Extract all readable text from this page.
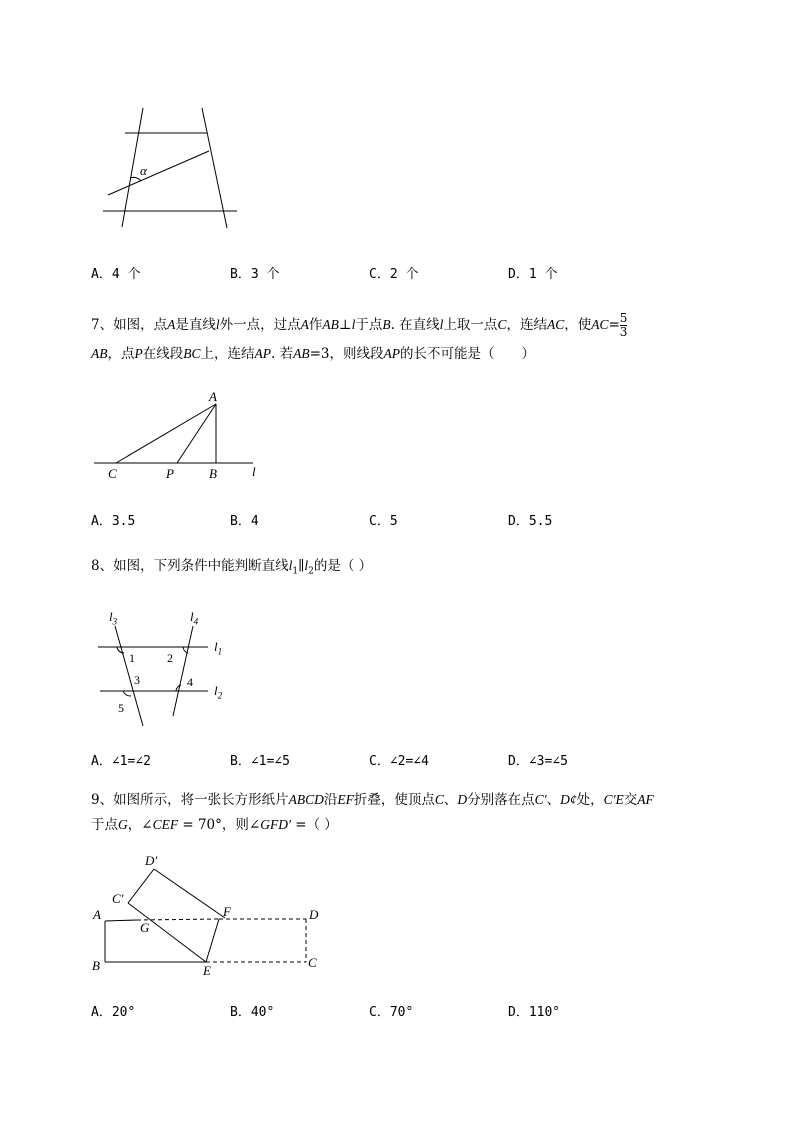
α
A．4 个	B．3 个	C．2 个	D．1 个
7、如图，点A是直线l外一点，过点A作AB⊥l于点B. 在直线l上取一点C，连结AC，使$AC= \frac{5}{3}$
AB，点P在线段BC上，连结AP. 若AB=3，则线段AP的长不可能是（　　）
A
C	P	B	l
A．3.5	B．4	C．5	D．5.5
8、如图，下列条件中能判断直线$l_1\parallel l_2$的是（ ）
$l_3$	$l_4$
$l_1$
$l_2$
1	2
3	4
5
A．∠1=∠2	B．∠1=∠5	C．∠2=∠4	D．∠3=∠5
9、如图所示，将一张长方形纸片ABCD沿EF折叠，使顶点C、D分别落在点C′、D¢处，C′E交AF
于点G，∠CEF = 70°，则∠GFD′ =（ ）
D′
C′
A
G
F	D
B	E
C
A．20°	B．40°	C．70°	D．110°
